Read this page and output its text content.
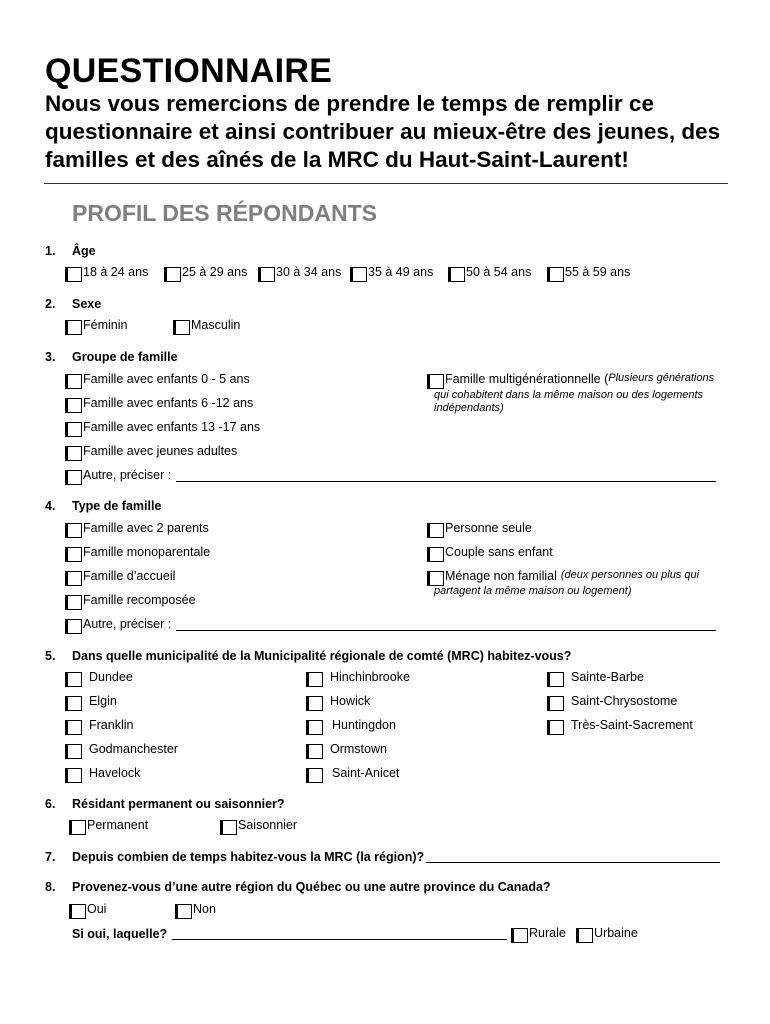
QUESTIONNAIRE
Nous vous remercions de prendre le temps de remplir ce questionnaire et ainsi contribuer au mieux-être des jeunes, des familles et des aînés de la MRC du Haut-Saint-Laurent!
PROFIL DES RÉPONDANTS
1. Âge
18 à 24 ans	25 à 29 ans 30 à 34 ans 35 à 49 ans	50 à 54 ans	55 à 59 ans
2. Sexe
Féminin	Masculin
3. Groupe de famille
Famille avec enfants 0 - 5 ans
Famille avec enfants 6 -12 ans
Famille avec enfants 13 -17 ans
Famille avec jeunes adultes
Autre, préciser :
Famille multigénérationnelle ( Plusieurs générations
qui cohabitent dans la même maison ou des logements indépendants)
4. Type de famille
Famille avec 2 parents
Famille monoparentale
Famille d’accueil
Famille recomposée
Autre, préciser :
Personne seule
Couple sans enfant
Ménage non familial (deux personnes ou plus qui
partagent la même maison ou logement)
5. Dans quelle municipalité de la Municipalité régionale de comté (MRC) habitez-vous?
Dundee
Elgin
Franklin
Godmanchester
Havelock
Hinchinbrooke
Howick
Huntingdon
Ormstown
Saint-Anicet
Sainte-Barbe
Saint-Chrysostome
Très-Saint-Sacrement
6. Résidant permanent ou saisonnier?
Permanent	Saisonnier
7. Depuis combien de temps habitez-vous la MRC (la région)?
8. Provenez-vous d’une autre région du Québec ou une autre province du Canada?
Oui	Non
Si oui, laquelle?	Rurale Urbaine
